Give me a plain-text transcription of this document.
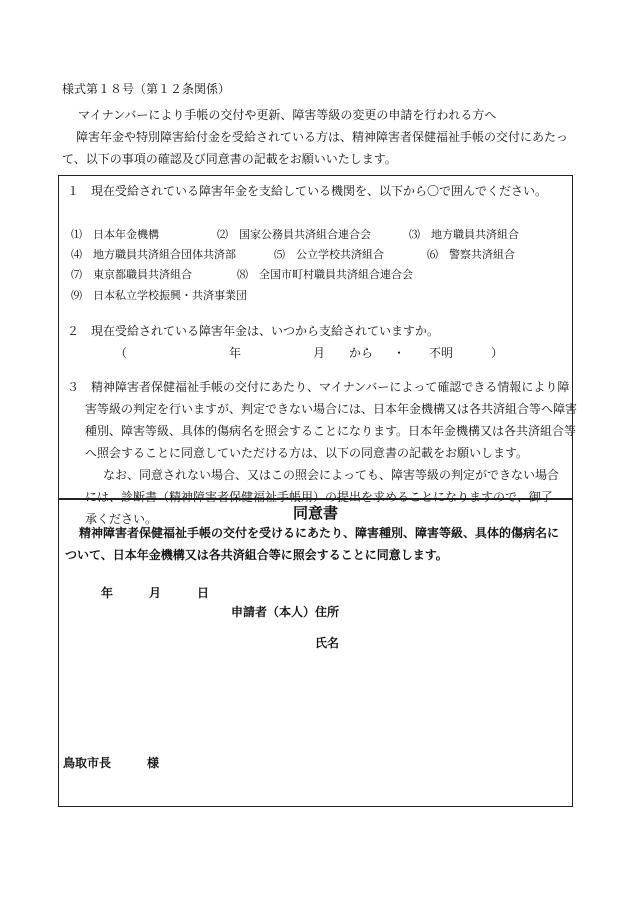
様式第１８号（第１２条関係）
マイナンバーにより手帳の交付や更新、障害等級の変更の申請を行われる方へ
障害年金や特別障害給付金を受給されている方は、精神障害者保健福祉手帳の交付にあたって、以下の事項の確認及び同意書の記載をお願いいたします。
１　現在受給されている障害年金を支給している機関を、以下から〇で囲んでください。
⑴　日本年金機構	⑵　国家公務員共済組合連合会	⑶　地方職員共済組合
⑷　地方職員共済組合団体共済部	⑸　公立学校共済組合	⑹　警察共済組合
⑺　東京都職員共済組合	⑻　全国市町村職員共済組合連合会
⑼　日本私立学校振興・共済事業団
２　現在受給されている障害年金は、いつから支給されていますか。
（	年	月 から ・ 不明	）
３　精神障害者保健福祉手帳の交付にあたり、マイナンバーによって確認できる情報により障害等級の判定を行いますが、判定できない場合には、日本年金機構又は各共済組合等へ障害種別、障害等級、具体的傷病名を照会することになります。日本年金機構又は各共済組合等へ照会することに同意していただける方は、以下の同意書の記載をお願いします。
なお、同意されない場合、又はこの照会によっても、障害等級の判定ができない場合には、診断書（精神障害者保健福祉手帳用）の提出を求めることになりますので、御了承ください。	同意書
精神障害者保健福祉手帳の交付を受けるにあたり、障害種別、障害等級、具体的傷病名について、日本年金機構又は各共済組合等に照会することに同意します。
年	月	日
申請者（本人）住所
氏名
鳥取市長	様
